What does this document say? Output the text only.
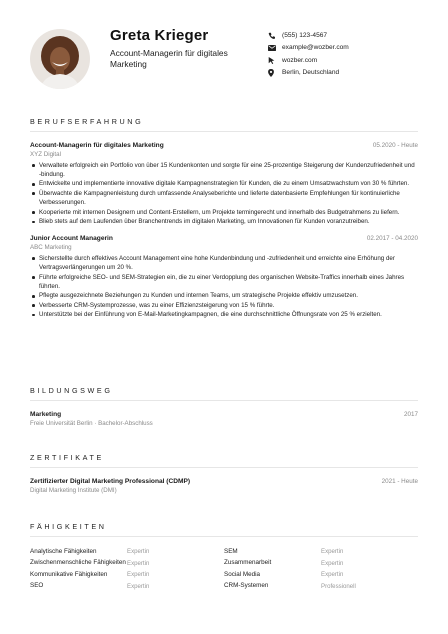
Greta Krieger
Account-Managerin für digitales Marketing
(555) 123-4567
example@wozber.com
wozber.com
Berlin, Deutschland
BERUFSERFAHRUNG
Account-Managerin für digitales Marketing	05.2020 - Heute
XYZ Digital
Verwaltete erfolgreich ein Portfolio von über 15 Kundenkonten und sorgte für eine 25-prozentige Steigerung der Kundenzufriedenheit und -bindung.
Entwickelte und implementierte innovative digitale Kampagnenstrategien für Kunden, die zu einem Umsatzwachstum von 30 % führten.
Überwachte die Kampagnenleistung durch umfassende Analyseberichte und lieferte datenbasierte Empfehlungen für kontinuierliche Verbesserungen.
Kooperierte mit internen Designern und Content-Erstellern, um Projekte termingerecht und innerhalb des Budgetrahmens zu liefern.
Blieb stets auf dem Laufenden über Branchentrends im digitalen Marketing, um Innovationen für Kunden voranzutreiben.
Junior Account Managerin	02.2017 - 04.2020
ABC Marketing
Sicherstellte durch effektives Account Management eine hohe Kundenbindung und -zufriedenheit und erreichte eine Erhöhung der Vertragsverlängerungen um 20 %.
Führte erfolgreiche SEO- und SEM-Strategien ein, die zu einer Verdopplung des organischen Website-Traffics innerhalb eines Jahres führten.
Pflegte ausgezeichnete Beziehungen zu Kunden und internen Teams, um strategische Projekte effektiv umzusetzen.
Verbesserte CRM-Systemprozesse, was zu einer Effizienzsteigerung von 15 % führte.
Unterstützte bei der Einführung von E-Mail-Marketingkampagnen, die eine durchschnittliche Öffnungsrate von 25 % erzielten.
BILDUNGSWEG
Marketing	2017
Freie Universität Berlin · Bachelor-Abschluss
ZERTIFIKATE
Zertifizierter Digital Marketing Professional (CDMP)	2021 - Heute
Digital Marketing Institute (DMI)
FÄHIGKEITEN
Analytische Fähigkeiten	Expertin
Zwischenmenschliche Fähigkeiten Expertin
Kommunikative Fähigkeiten	Expertin
SEO	Expertin
SEM	Expertin
Zusammenarbeit	Expertin
Social Media	Expertin
CRM-Systemen	Professionell
